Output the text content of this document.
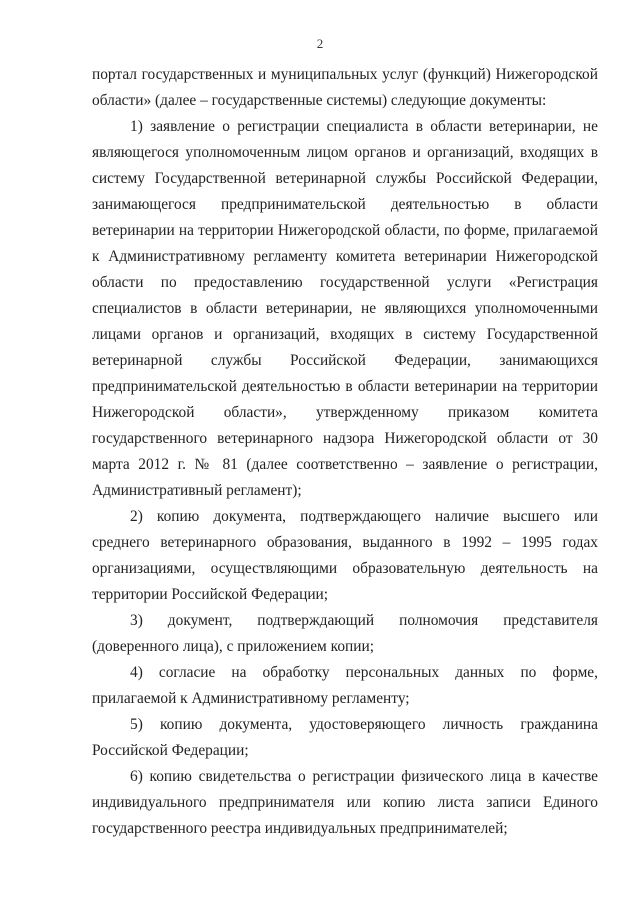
2

портал государственных и муниципальных услуг (функций) Нижегородской области» (далее – государственные системы) следующие документы:

1) заявление о регистрации специалиста в области ветеринарии, не являющегося уполномоченным лицом органов и организаций, входящих в систему Государственной ветеринарной службы Российской Федерации, занимающегося предпринимательской деятельностью в области ветеринарии на территории Нижегородской области, по форме, прилагаемой к Административному регламенту комитета ветеринарии Нижегородской области по предоставлению государственной услуги «Регистрация специалистов в области ветеринарии, не являющихся уполномоченными лицами органов и организаций, входящих в систему Государственной ветеринарной службы Российской Федерации, занимающихся предпринимательской деятельностью в области ветеринарии на территории Нижегородской области», утвержденному приказом комитета государственного ветеринарного надзора Нижегородской области от 30 марта 2012 г. № 81 (далее соответственно – заявление о регистрации, Административный регламент);

2) копию документа, подтверждающего наличие высшего или среднего ветеринарного образования, выданного в 1992 – 1995 годах организациями, осуществляющими образовательную деятельность на территории Российской Федерации;

3) документ, подтверждающий полномочия представителя (доверенного лица), с приложением копии;

4) согласие на обработку персональных данных по форме, прилагаемой к Административному регламенту;

5) копию документа, удостоверяющего личность гражданина Российской Федерации;

6) копию свидетельства о регистрации физического лица в качестве индивидуального предпринимателя или копию листа записи Единого государственного реестра индивидуальных предпринимателей;
